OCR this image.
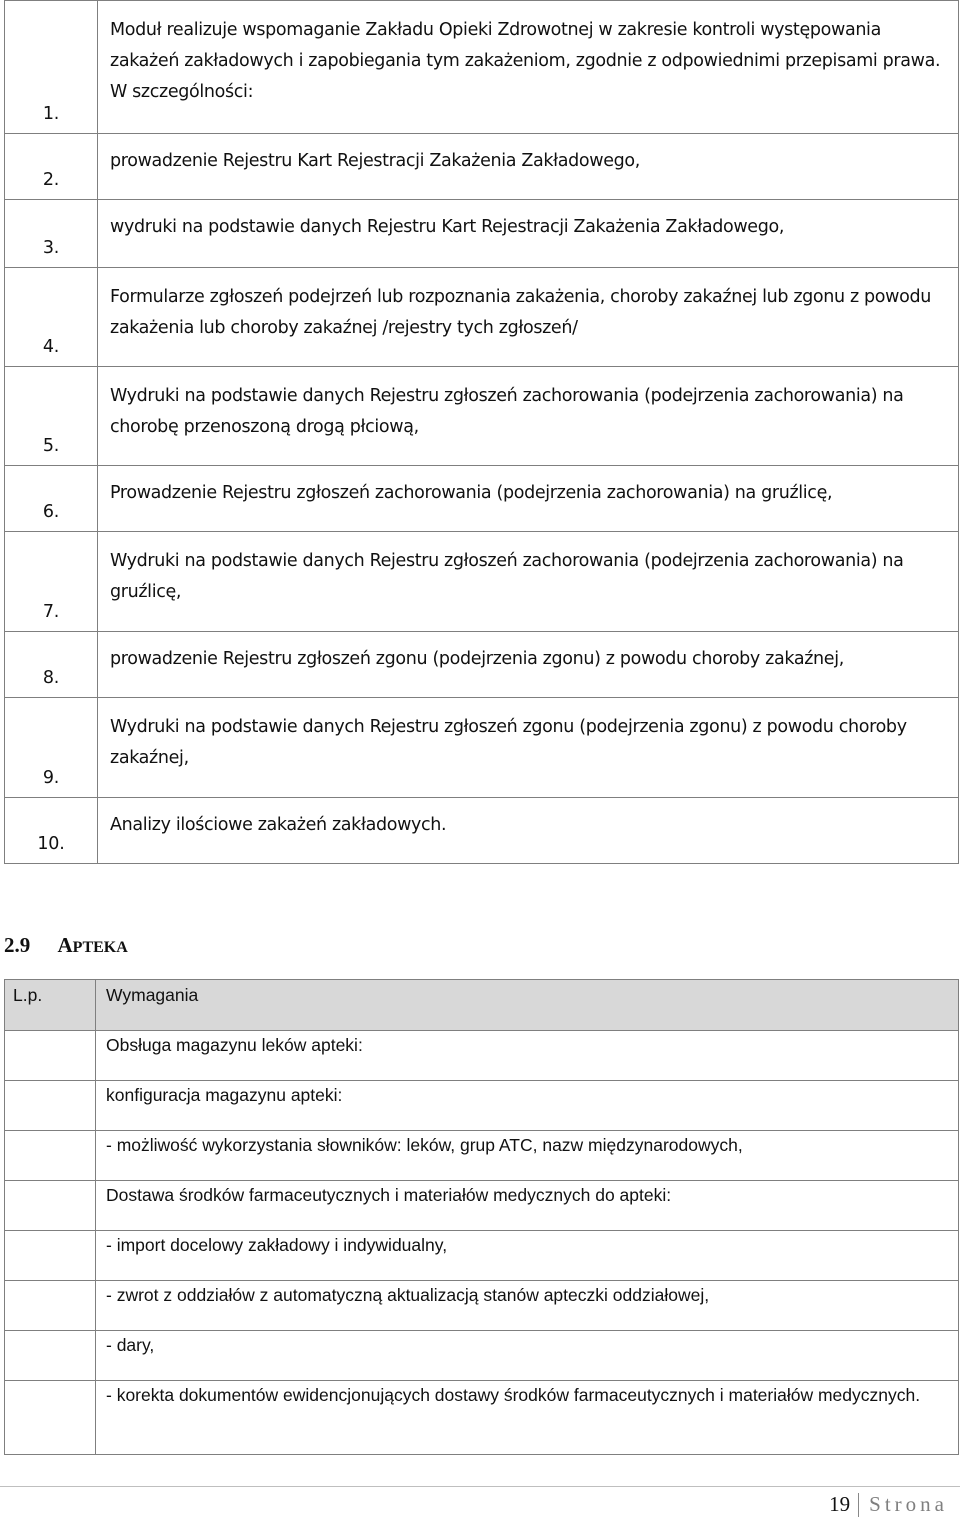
1.	Moduł realizuje wspomaganie Zakładu Opieki Zdrowotnej w zakresie kontroli występowania zakażeń zakładowych i zapobiegania tym zakażeniom, zgodnie z odpowiednimi przepisami prawa. W szczególności:
2.	prowadzenie Rejestru Kart Rejestracji Zakażenia Zakładowego,
3.	wydruki na podstawie danych Rejestru Kart Rejestracji Zakażenia Zakładowego,
4.	Formularze zgłoszeń podejrzeń lub rozpoznania zakażenia, choroby zakaźnej lub zgonu z powodu zakażenia lub choroby zakaźnej /rejestry tych zgłoszeń/
5.	Wydruki na podstawie danych Rejestru zgłoszeń zachorowania (podejrzenia zachorowania) na chorobę przenoszoną drogą płciową,
6.	Prowadzenie Rejestru zgłoszeń zachorowania (podejrzenia zachorowania) na gruźlicę,
7.	Wydruki na podstawie danych Rejestru zgłoszeń zachorowania (podejrzenia zachorowania) na gruźlicę,
8.	prowadzenie Rejestru zgłoszeń zgonu (podejrzenia zgonu) z powodu choroby zakaźnej,
9.	Wydruki na podstawie danych Rejestru zgłoszeń zgonu (podejrzenia zgonu) z powodu choroby zakaźnej,
10.	Analizy ilościowe zakażeń zakładowych.
2.9 APTEKA
L.p.	Wymagania

	Obsługa magazynu leków apteki:

	konfiguracja magazynu apteki:

	- możliwość wykorzystania słowników: leków, grup ATC, nazw międzynarodowych,

	Dostawa środków farmaceutycznych i materiałów medycznych do apteki:

	- import docelowy zakładowy i indywidualny,

	- zwrot z oddziałów z automatyczną aktualizacją stanów apteczki oddziałowej,

	- dary,

	- korekta dokumentów ewidencjonujących dostawy środków farmaceutycznych i materiałów medycznych.
19 Strona
